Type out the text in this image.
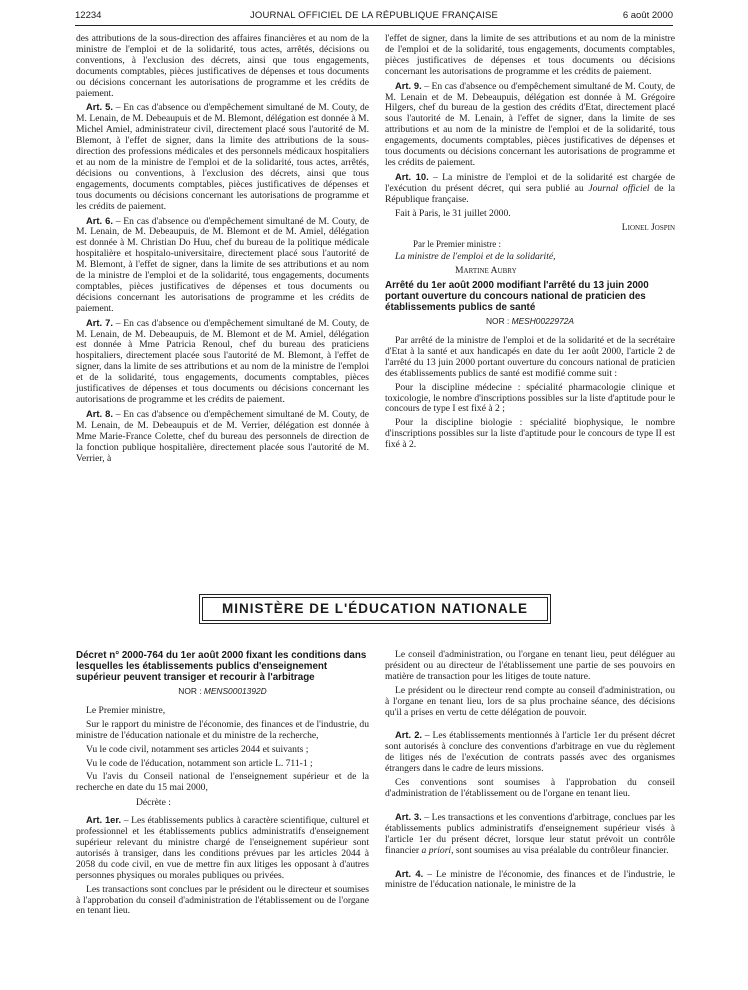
12234	JOURNAL OFFICIEL DE LA RÉPUBLIQUE FRANÇAISE	6 août 2000

des attributions de la sous-direction des affaires financières et au nom de la ministre de l'emploi et de la solidarité, tous actes, arrêtés, décisions ou conventions, à l'exclusion des décrets, ainsi que tous engagements, documents comptables, pièces justificatives de dépenses et tous documents ou décisions concernant les autorisations de programme et les crédits de paiement.

Art. 5. – En cas d'absence ou d'empêchement simultané de M. Couty, de M. Lenain, de M. Debeaupuis et de M. Blemont, délégation est donnée à M. Michel Amiel, administrateur civil, directement placé sous l'autorité de M. Blemont, à l'effet de signer, dans la limite des attributions de la sous-direction des professions médicales et des personnels médicaux hospitaliers et au nom de la ministre de l'emploi et de la solidarité, tous actes, arrêtés, décisions ou conventions, à l'exclusion des décrets, ainsi que tous engagements, documents comptables, pièces justificatives de dépenses et tous documents ou décisions concernant les autorisations de programme et les crédits de paiement.

Art. 6. – En cas d'absence ou d'empêchement simultané de M. Couty, de M. Lenain, de M. Debeaupuis, de M. Blemont et de M. Amiel, délégation est donnée à M. Christian Do Huu, chef du bureau de la politique médicale hospitalière et hospitalo-universitaire, directement placé sous l'autorité de M. Blemont, à l'effet de signer, dans la limite de ses attributions et au nom de la ministre de l'emploi et de la solidarité, tous engagements, documents comptables, pièces justificatives de dépenses et tous documents ou décisions concernant les autorisations de programme et les crédits de paiement.

Art. 7. – En cas d'absence ou d'empêchement simultané de M. Couty, de M. Lenain, de M. Debeaupuis, de M. Blemont et de M. Amiel, délégation est donnée à Mme Patricia Renoul, chef du bureau des praticiens hospitaliers, directement placée sous l'autorité de M. Blemont, à l'effet de signer, dans la limite de ses attributions et au nom de la ministre de l'emploi et de la solidarité, tous engagements, documents comptables, pièces justificatives de dépenses et tous documents ou décisions concernant les autorisations de programme et les crédits de paiement.

Art. 8. – En cas d'absence ou d'empêchement simultané de M. Couty, de M. Lenain, de M. Debeaupuis et de M. Verrier, délégation est donnée à Mme Marie-France Colette, chef du bureau des personnels de direction de la fonction publique hospitalière, directement placée sous l'autorité de M. Verrier, à

l'effet de signer, dans la limite de ses attributions et au nom de la ministre de l'emploi et de la solidarité, tous engagements, documents comptables, pièces justificatives de dépenses et tous documents ou décisions concernant les autorisations de programme et les crédits de paiement.

Art. 9. – En cas d'absence ou d'empêchement simultané de M. Couty, de M. Lenain et de M. Debeaupuis, délégation est donnée à M. Grégoire Hilgers, chef du bureau de la gestion des crédits d'Etat, directement placé sous l'autorité de M. Lenain, à l'effet de signer, dans la limite de ses attributions et au nom de la ministre de l'emploi et de la solidarité, tous engagements, documents comptables, pièces justificatives de dépenses et tous documents ou décisions concernant les autorisations de programme et les crédits de paiement.

Art. 10. – La ministre de l'emploi et de la solidarité est chargée de l'exécution du présent décret, qui sera publié au Journal officiel de la République française.

Fait à Paris, le 31 juillet 2000.

Lionel Jospin
Par le Premier ministre :

La ministre de l'emploi et de la solidarité,

Martine Aubry

Arrêté du 1er août 2000 modifiant l'arrêté du 13 juin 2000 portant ouverture du concours national de praticien des établissements publics de santé
NOR : MESH0022972A

Par arrêté de la ministre de l'emploi et de la solidarité et de la secrétaire d'Etat à la santé et aux handicapés en date du 1er août 2000, l'article 2 de l'arrêté du 13 juin 2000 portant ouverture du concours national de praticien des établissements publics de santé est modifié comme suit :

Pour la discipline médecine : spécialité pharmacologie clinique et toxicologie, le nombre d'inscriptions possibles sur la liste d'aptitude pour le concours de type I est fixé à 2 ;

Pour la discipline biologie : spécialité biophysique, le nombre d'inscriptions possibles sur la liste d'aptitude pour le concours de type II est fixé à 2.

MINISTÈRE DE L'ÉDUCATION NATIONALE
Décret n° 2000-764 du 1er août 2000 fixant les conditions dans lesquelles les établissements publics d'enseignement supérieur peuvent transiger et recourir à l'arbitrage
NOR : MENS0001392D

Le Premier ministre,

Sur le rapport du ministre de l'économie, des finances et de l'industrie, du ministre de l'éducation nationale et du ministre de la recherche,

Vu le code civil, notamment ses articles 2044 et suivants ;

Vu le code de l'éducation, notamment son article L. 711-1 ;

Vu l'avis du Conseil national de l'enseignement supérieur et de la recherche en date du 15 mai 2000,

Décrète :

Art. 1er. – Les établissements publics à caractère scientifique, culturel et professionnel et les établissements publics administratifs d'enseignement supérieur relevant du ministre chargé de l'enseignement supérieur sont autorisés à transiger, dans les conditions prévues par les articles 2044 à 2058 du code civil, en vue de mettre fin aux litiges les opposant à d'autres personnes physiques ou morales publiques ou privées.

Les transactions sont conclues par le président ou le directeur et soumises à l'approbation du conseil d'administration de l'établissement ou de l'organe en tenant lieu.

Le conseil d'administration, ou l'organe en tenant lieu, peut déléguer au président ou au directeur de l'établissement une partie de ses pouvoirs en matière de transaction pour les litiges de toute nature.

Le président ou le directeur rend compte au conseil d'administration, ou à l'organe en tenant lieu, lors de sa plus prochaine séance, des décisions qu'il a prises en vertu de cette délégation de pouvoir.

Art. 2. – Les établissements mentionnés à l'article 1er du présent décret sont autorisés à conclure des conventions d'arbitrage en vue du règlement de litiges nés de l'exécution de contrats passés avec des organismes étrangers dans le cadre de leurs missions.

Ces conventions sont soumises à l'approbation du conseil d'administration de l'établissement ou de l'organe en tenant lieu.

Art. 3. – Les transactions et les conventions d'arbitrage, conclues par les établissements publics administratifs d'enseignement supérieur visés à l'article 1er du présent décret, lorsque leur statut prévoit un contrôle financier a priori, sont soumises au visa préalable du contrôleur financier.

Art. 4. – Le ministre de l'économie, des finances et de l'industrie, le ministre de l'éducation nationale, le ministre de la
